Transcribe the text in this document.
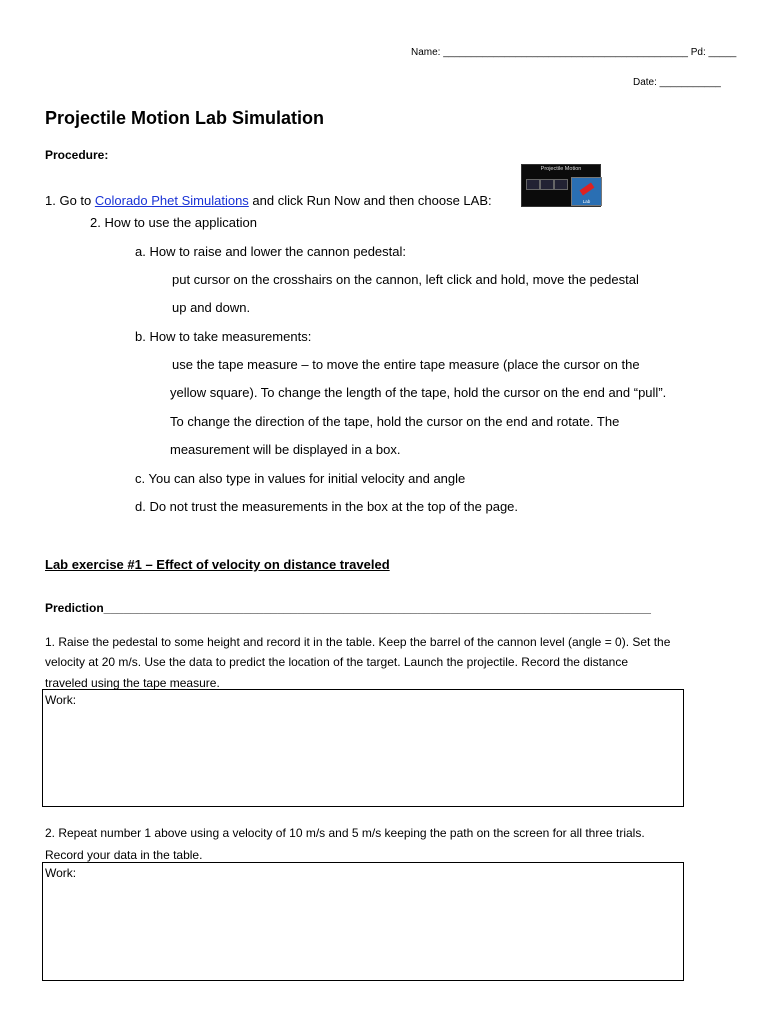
Name: ____________________________________________ Pd: _____
Date: ___________
Projectile Motion Lab Simulation
Procedure:
1. Go to Colorado Phet Simulations and click Run Now and then choose LAB:
Projectile Motion
Lab
2. How to use the application
a. How to raise and lower the cannon pedestal:
put cursor on the crosshairs on the cannon, left click and hold, move the pedestal
up and down.
b. How to take measurements:
use the tape measure – to move the entire tape measure (place the cursor on the
yellow square). To change the length of the tape, hold the cursor on the end and “pull”.
To change the direction of the tape, hold the cursor on the end and rotate. The
measurement will be displayed in a box.
c. You can also type in values for initial velocity and angle
d. Do not trust the measurements in the box at the top of the page.
Lab exercise #1 – Effect of velocity on distance traveled
Prediction__________________________________________________________________________________
1. Raise the pedestal to some height and record it in the table. Keep the barrel of the cannon level (angle = 0). Set the
velocity at 20 m/s. Use the data to predict the location of the target. Launch the projectile. Record the distance
traveled using the tape measure.
Work:
2. Repeat number 1 above using a velocity of 10 m/s and 5 m/s keeping the path on the screen for all three trials.
Record your data in the table.
Work:
